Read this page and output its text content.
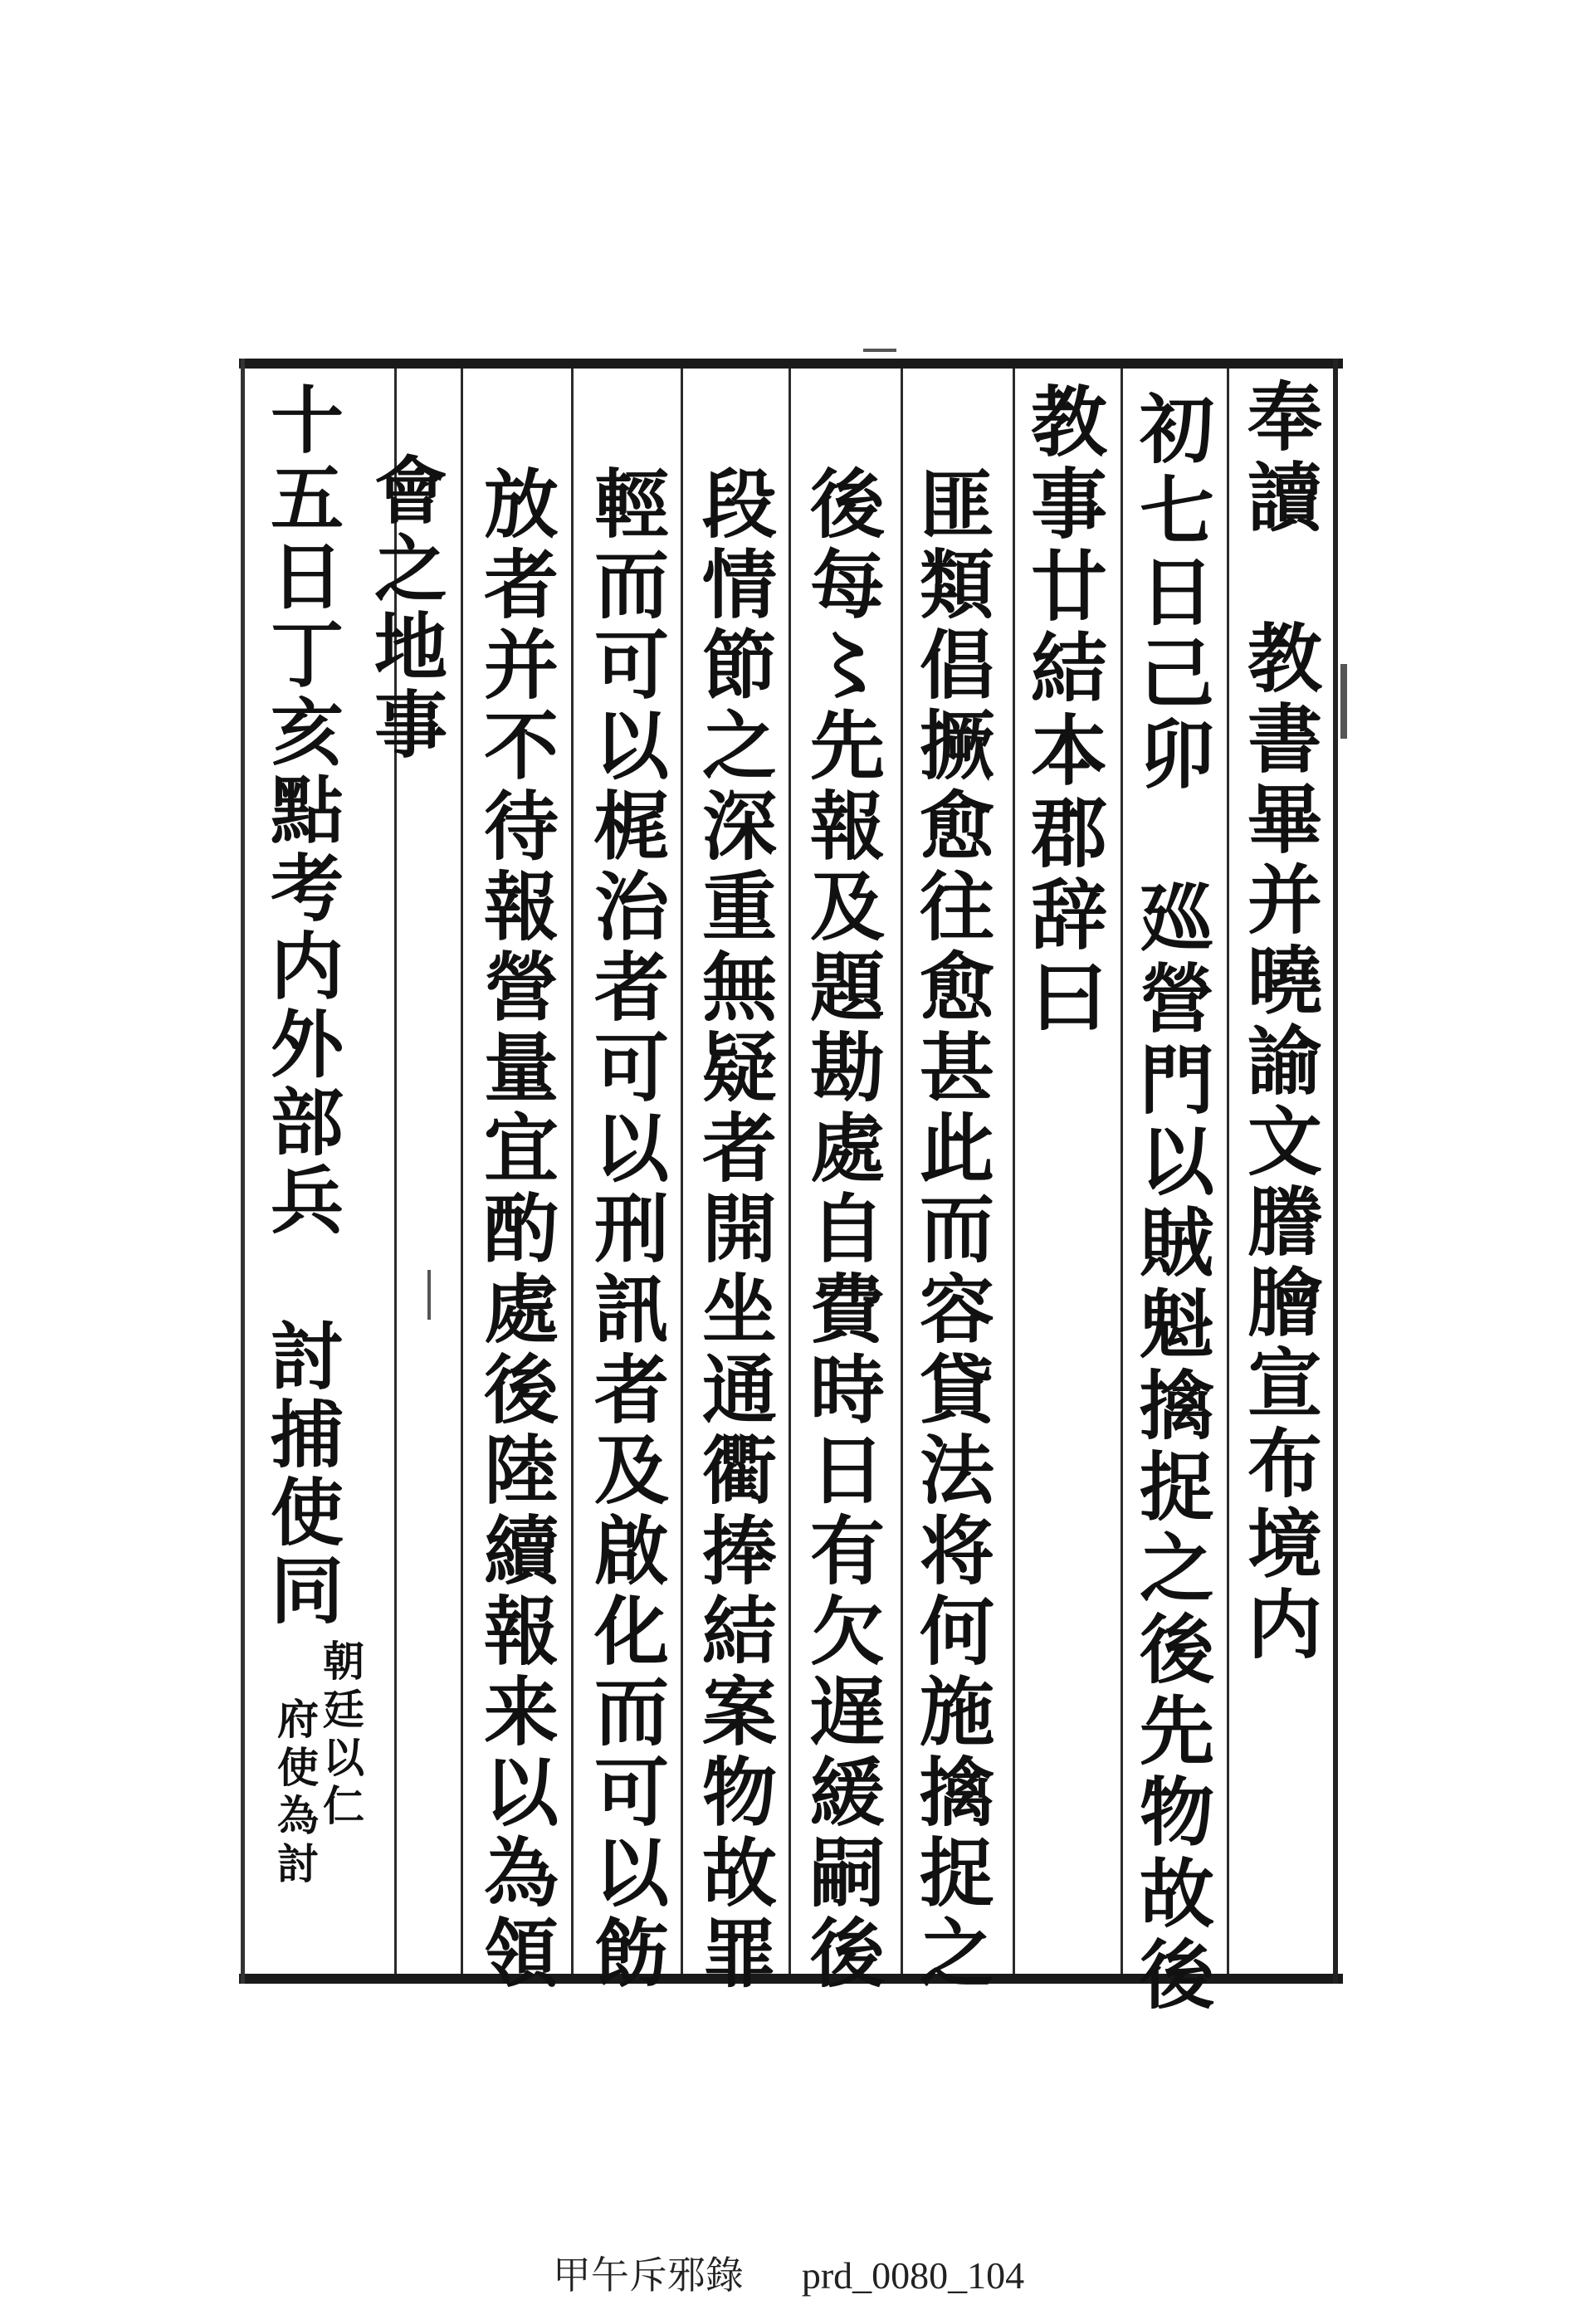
奉讀　教書畢并曉諭文謄膾宣布境内
初七日己卯　廵營門以賊魁擒捉之後先物故後
教事廿結本郡辞曰
匪類倡撅愈往愈甚此而容貸法将何施擒捉之
後每〻先報及題勘處自費時日有欠遅緩嗣後
段情節之深重無疑者開坐通衢捧結案物故罪
輕而可以梶治者可以刑訊者及啟化而可以飭
放者并不待報營量宜酌處後陸續報来以為領
會之地事
十五日丁亥點考内外部兵　討捕使同
朝廷以仁
府使為討
甲午斥邪錄 prd_0080_104
